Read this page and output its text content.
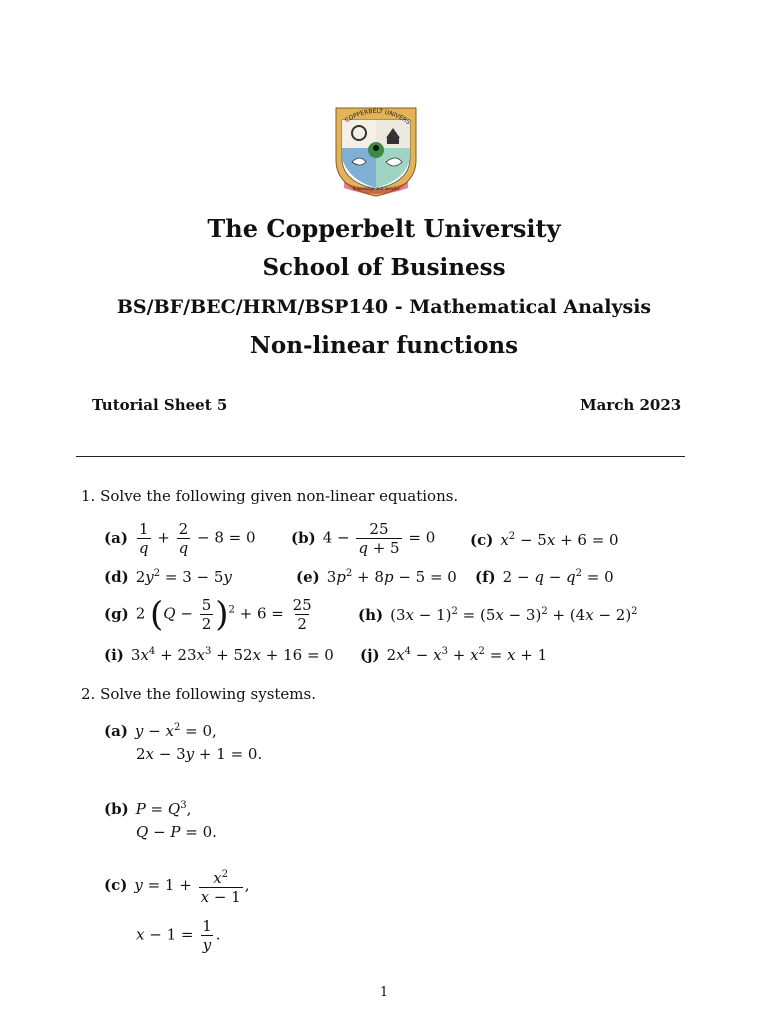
COPPERBELT UNIVERS
Knowledge and Service
The Copperbelt University
School of Business
BS/BF/BEC/HRM/BSP140 - Mathematical Analysis
Non-linear functions
Tutorial Sheet 5	March 2023
1. Solve the following given non-linear equations.
$(a) \frac{1}{q} + \frac{2}{q} - 8 = 0$ (b) $4 - \frac{25}{q + 5} = 0$ (c) $x^2 - 5x + 6 = 0$
(d) $2y^2 = 3 - 5y$	(e) $3p^2 + 8p - 5 = 0$ (f) $2 - q - q^2 = 0$
(g) 2 $(Q - \frac{5}{2} )^2 + 6 = \frac{25}{2}$	(h) $(3x - 1)^2 = (5x - 3)^2 + (4x - 2)^2$
(i) $3x^4 + 23x^3 + 52x + 16 = 0$ (j) $2x^4 - x^3 + x^2 = x + 1$
2. Solve the following systems.
(a) $y - x^2 = 0$,
2x − 3y + 1 = 0.
(b) $P = Q^3$,
Q − P = 0.
(c) $y = 1 + \frac{x^2}{x - 1}$ ,
$x - 1 = \frac{1}{y}$ .
1
